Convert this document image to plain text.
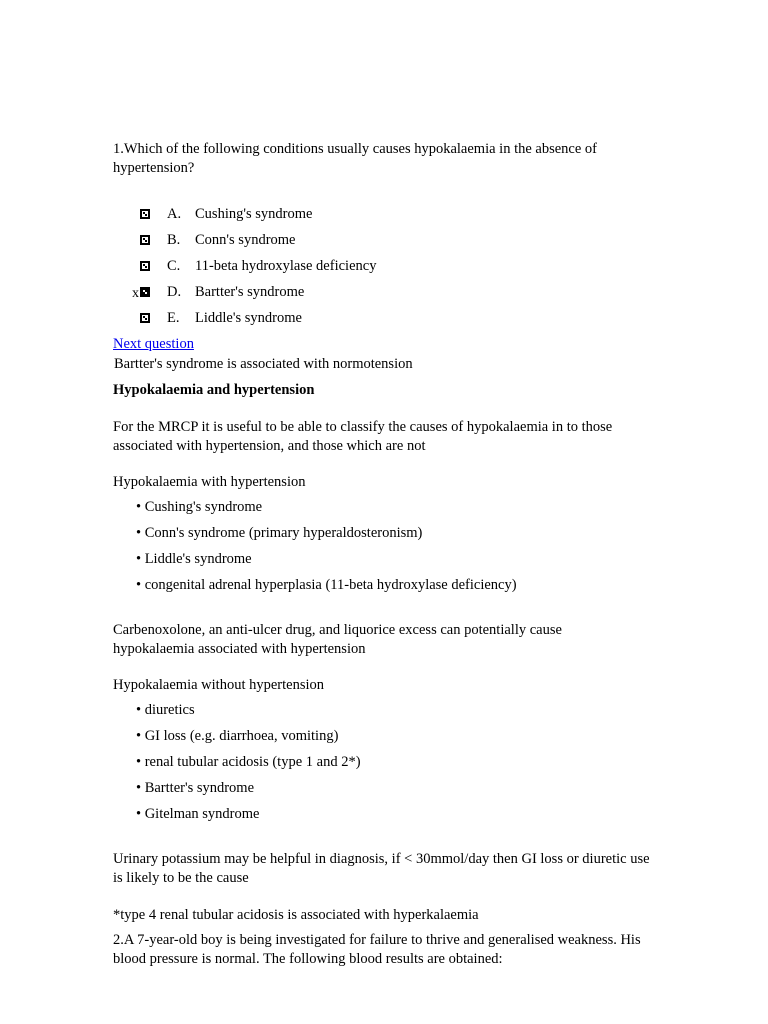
1.Which of the following conditions usually causes hypokalaemia in the absence of hypertension?
A. Cushing's syndrome
B. Conn's syndrome
C. 11-beta hydroxylase deficiency
x D. Bartter's syndrome
E. Liddle's syndrome
Next question
Bartter's syndrome is associated with normotension
Hypokalaemia and hypertension
For the MRCP it is useful to be able to classify the causes of hypokalaemia in to those associated with hypertension, and those which are not
Hypokalaemia with hypertension
• Cushing's syndrome
• Conn's syndrome (primary hyperaldosteronism)
• Liddle's syndrome
• congenital adrenal hyperplasia (11-beta hydroxylase deficiency)
Carbenoxolone, an anti-ulcer drug, and liquorice excess can potentially cause hypokalaemia associated with hypertension
Hypokalaemia without hypertension
• diuretics
• GI loss (e.g. diarrhoea, vomiting)
• renal tubular acidosis (type 1 and 2*)
• Bartter's syndrome
• Gitelman syndrome
Urinary potassium may be helpful in diagnosis, if < 30mmol/day then GI loss or diuretic use is likely to be the cause
*type 4 renal tubular acidosis is associated with hyperkalaemia
2.A 7-year-old boy is being investigated for failure to thrive and generalised weakness. His blood pressure is normal. The following blood results are obtained:
